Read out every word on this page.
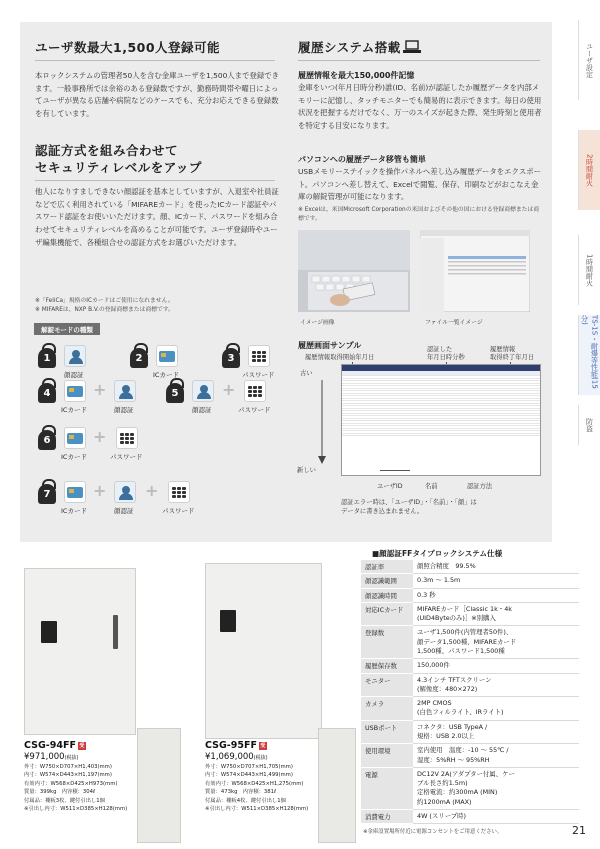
ユーザ設定
2時間耐火
1時間耐火
TS-1S・耐爆等性能(15分)
防盗
ユーザ数最大1,500人登録可能
本ロックシステムの管理者50人を含む金庫ユーザを1,500人まで登録できます。一般事務所では余裕のある登録数ですが、勤務時間帯や曜日によってユーザが異なる店舗や病院などのケースでも、充分お応えできる登録数を有しています。
認証方式を組み合わせて
セキュリティレベルをアップ
他人になりすましできない顔認証を基本としていますが、入退室や社員証などで広く利用されている「MIFAREカード」を使ったICカード認証やパスワード認証をお使いいただけます。顔、ICカード、パスワードを組み合わせてセキュリティレベルを高めることが可能です。ユーザ登録時やユーザ編集機能で、各種組合せの認証方式をお選びいただけます。
※「FeliCa」規格のICカードはご使用になれません。
※ MIFAREは、NXP B.V.の登録商標または商標です。
解錠モードの種類
1
顔認証
2
ICカード
3
パスワード
4	+
ICカード	顔認証
5	+
顔認証	パスワード
6	+
ICカード	パスワード
7	+ +
ICカード	顔認証	パスワード
履歴システム搭載
履歴情報を最大150,000件記憶
金庫をいつ(年月日時分秒)誰(ID、名前)が認証したか履歴データを内部メモリーに記憶し、タッチモニターでも簡易的に表示できます。毎日の使用状況を把握するだけでなく、万一のスイズが起きた際、発生時刻と使用者を特定する目安になります。
パソコンへの履歴データ移管も簡単
USBメモリーステイックを操作パネルへ差し込み履歴データをエクスポート。パソコンへ差し替えて、Excelで閲覧、保存、印刷などがおこなえ金庫の解錠管理が可能になります。
※ Excelは、米国Microsoft Corporationの米国およびその他の国における登録商標または商標です。
イメージ画像	ファイル一覧イメージ
履歴画面サンプル
履歴情報取得開始年月日
認証した
年月日時分秒
履歴情報
取得終了年月日
古い
新しい
ユーザID	名前	認証方法
認証エラー時は、「ユーザID」・「名前」・「顔」は
データに書き込まれません。
CSG-94FF 受
¥971,000(税抜)
外寸：W750×D707×H1,403(mm)
内寸：W574×D443×H1,197(mm)
有効内寸：W568×D425×H973(mm)
質量：399kg　内容積：304ℓ
付属品：棚板3枚、鍵付引出し1個
※引出し内寸：W511×D385×H128(mm)
CSG-95FF 受
¥1,069,000(税抜)
外寸：W750×D707×H1,705(mm)
内寸：W574×D443×H1,499(mm)
有効内寸：W568×D425×H1,275(mm)
質量：473kg　内容積：381ℓ
付属品：棚板4枚、鍵付引出し1個
※引出し内寸：W511×D385×H128(mm)
■顔認証FFタイプロックシステム仕様
認証率	顔照合精度　99.5%

顔認識範囲	0.3m 〜 1.5m

顔認識時間	0.3 秒

対応ICカード	MIFAREカード［Classic 1k・4k
(UID4Byteのみ)］※別購入

登録数	ユーザ1,500件(内管理者50件)、
顔データ1,500種、MIFAREカード
1,500種、パスワード1,500種

履歴保存数	150,000件

モニター	4.3インチ TFTスクリーン
(解像度：480×272)

カメラ	2MP CMOS
(白色フィルライト、IRライト)

USBポート	コネクタ：USB TypeA /
規格：USB 2.0以上

使用環境	室内使用　温度：-10 〜 55℃ /
湿度：5%RH 〜 95%RH

電源	DC12V 2A(アダプター付属、ケー
ブル長さ約1.5m)
定格電流：約300mA (MIN)
約1200mA (MAX)

消費電力	4W (スリープ時)
※金庫設置場所付近に電源コンセントをご用意ください。	21
